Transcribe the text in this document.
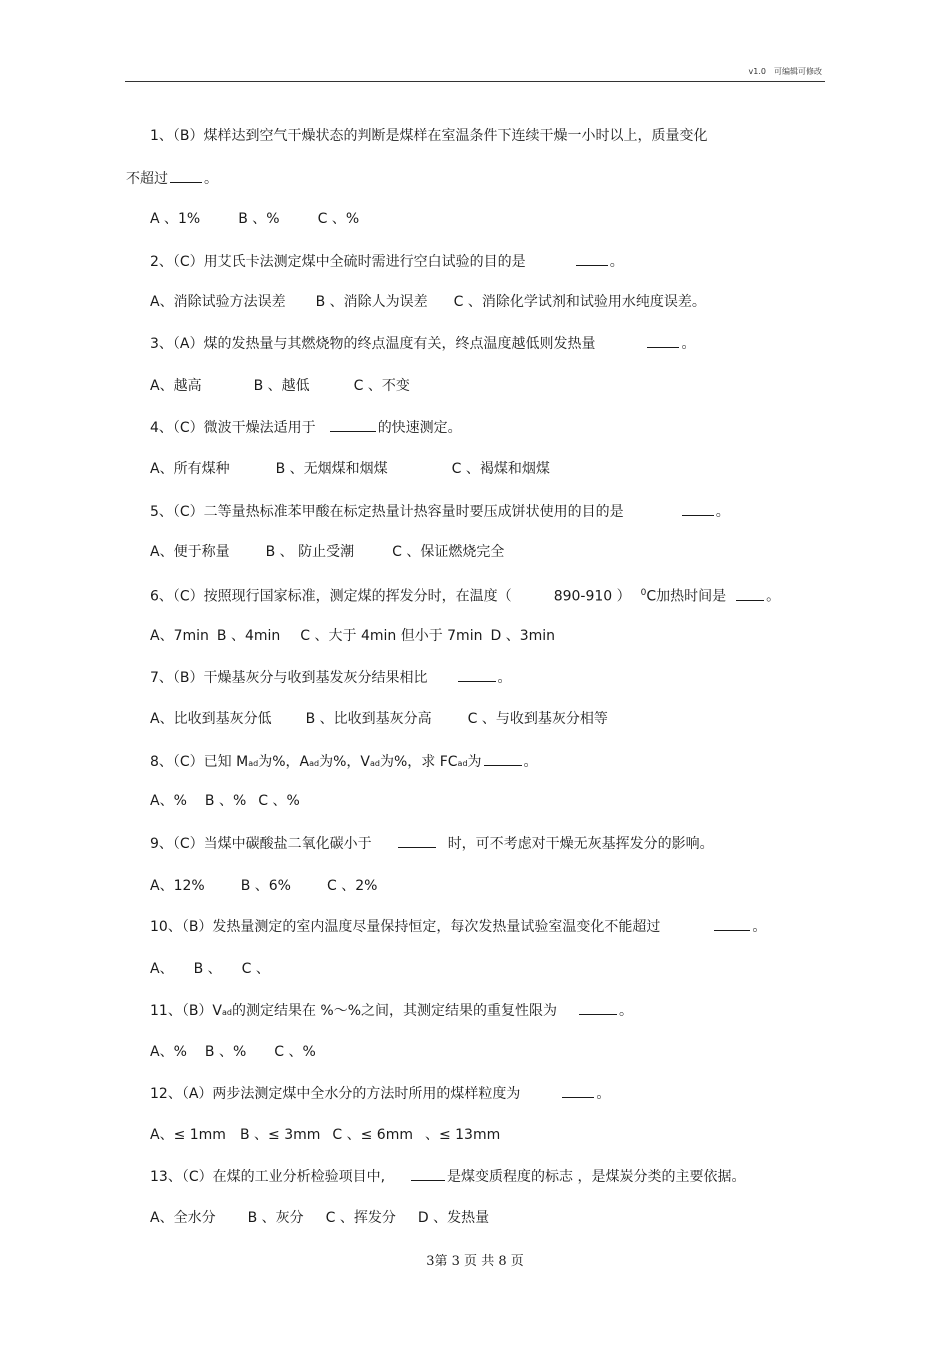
v1.0　可编辑可修改
1、（B）煤样达到空气干燥状态的判断是煤样在室温条件下连续干燥一小时以上，质量变化
不超过	。
A 、1%	B 、%	C 、%
2、（C）用艾氏卡法测定煤中全硫时需进行空白试验的目的是	。
A、消除试验方法误差 B 、消除人为误差 C 、消除化学试剂和试验用水纯度误差。
3、（A）煤的发热量与其燃烧物的终点温度有关，终点温度越低则发热量	。
A、越高	B 、越低	C 、不变
4、（C）微波干燥法适用于	的快速测定。
A、所有煤种	B 、无烟煤和烟煤	C 、褐煤和烟煤
5、（C）二等量热标准苯甲酸在标定热量计热容量时要压成饼状使用的目的是	。
A、便于称量	B 、 防止受潮	C 、保证燃烧完全
6、（C）按照现行国家标准，测定煤的挥发分时，在温度（	890-910 ） $^0$C加热时间是	。
A、7min B 、4min C 、大于 4min 但小于 7min D 、3min
7、（B）干燥基灰分与收到基发灰分结果相比	。
A、比收到基灰分低 B 、比收到基灰分高	C 、与收到基灰分相等
8、（C）已知 Mad为%，Aad为%，Vad为%，求 FCad为	。
A、% B 、% C 、%
9、（C）当煤中碳酸盐二氧化碳小于	时，可不考虑对干燥无灰基挥发分的影响。
A、12%	B 、6%	C 、2%
10、（B）发热量测定的室内温度尽量保持恒定，每次发热量试验室温变化不能超过	。
A、 B 、 C 、
11、（B）Vad的测定结果在 %～%之间，其测定结果的重复性限为	。
A、% B 、% C 、%
12、（A）两步法测定煤中全水分的方法时所用的煤样粒度为	。
A、≤ 1mm B 、≤ 3mm C 、≤ 6mm 、≤ 13mm
13、（C）在煤的工业分析检验项目中,	是煤变质程度的标志 ，是煤炭分类的主要依据。
A、全水分 B 、灰分 C 、挥发分 D 、发热量
3第 3 页 共 8 页
